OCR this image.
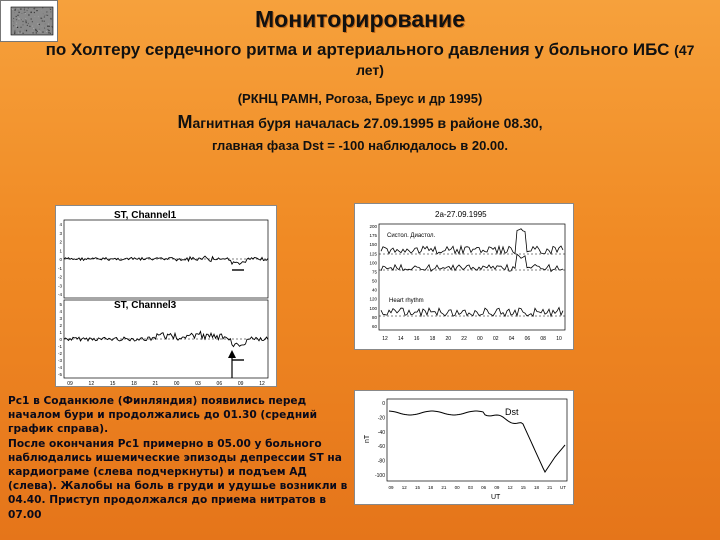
Мониторирование
по Холтеру сердечного ритма и артериального давления у больного ИБС (47 лет)
(РКНЦ РАМН, Рогоза, Бреус и др 1995)
Магнитная буря началась 27.09.1995 в районе 08.30,
главная фаза Dst = -100 наблюдалось в 20.00.
ST, Channel1
ST, Channel3
4
3
2
1
0
-1
-2
-3
-4
5
4
3
2
1
0
-1
-2
-3
-4
-5
09	12	15	18	21	00	03	06	09	12
2a-27.09.1995
Систол. Диастол.
Heart rhythm
200
175
150
125
100
75
50
40
120
100
80
60
12 14 16 18 20 22 00 02 04 06 08 10
Dst
nT
UT
0
-20
-40
-60
-80
-100
09 12 15 18 21 00 03 06 09 12 15 18 21 UT
Рс1 в Соданкюле (Финляндия) появились перед началом бури и продолжались до 01.30 (средний график справа).
После окончания Рс1 примерно в 05.00 у больного наблюдались ишемические эпизоды депрессии ST на кардиограме (слева подчеркнуты) и подъем АД (слева). Жалобы на боль в груди и удушье возникли в 04.40. Приступ продолжался до приема нитратов в 07.00
